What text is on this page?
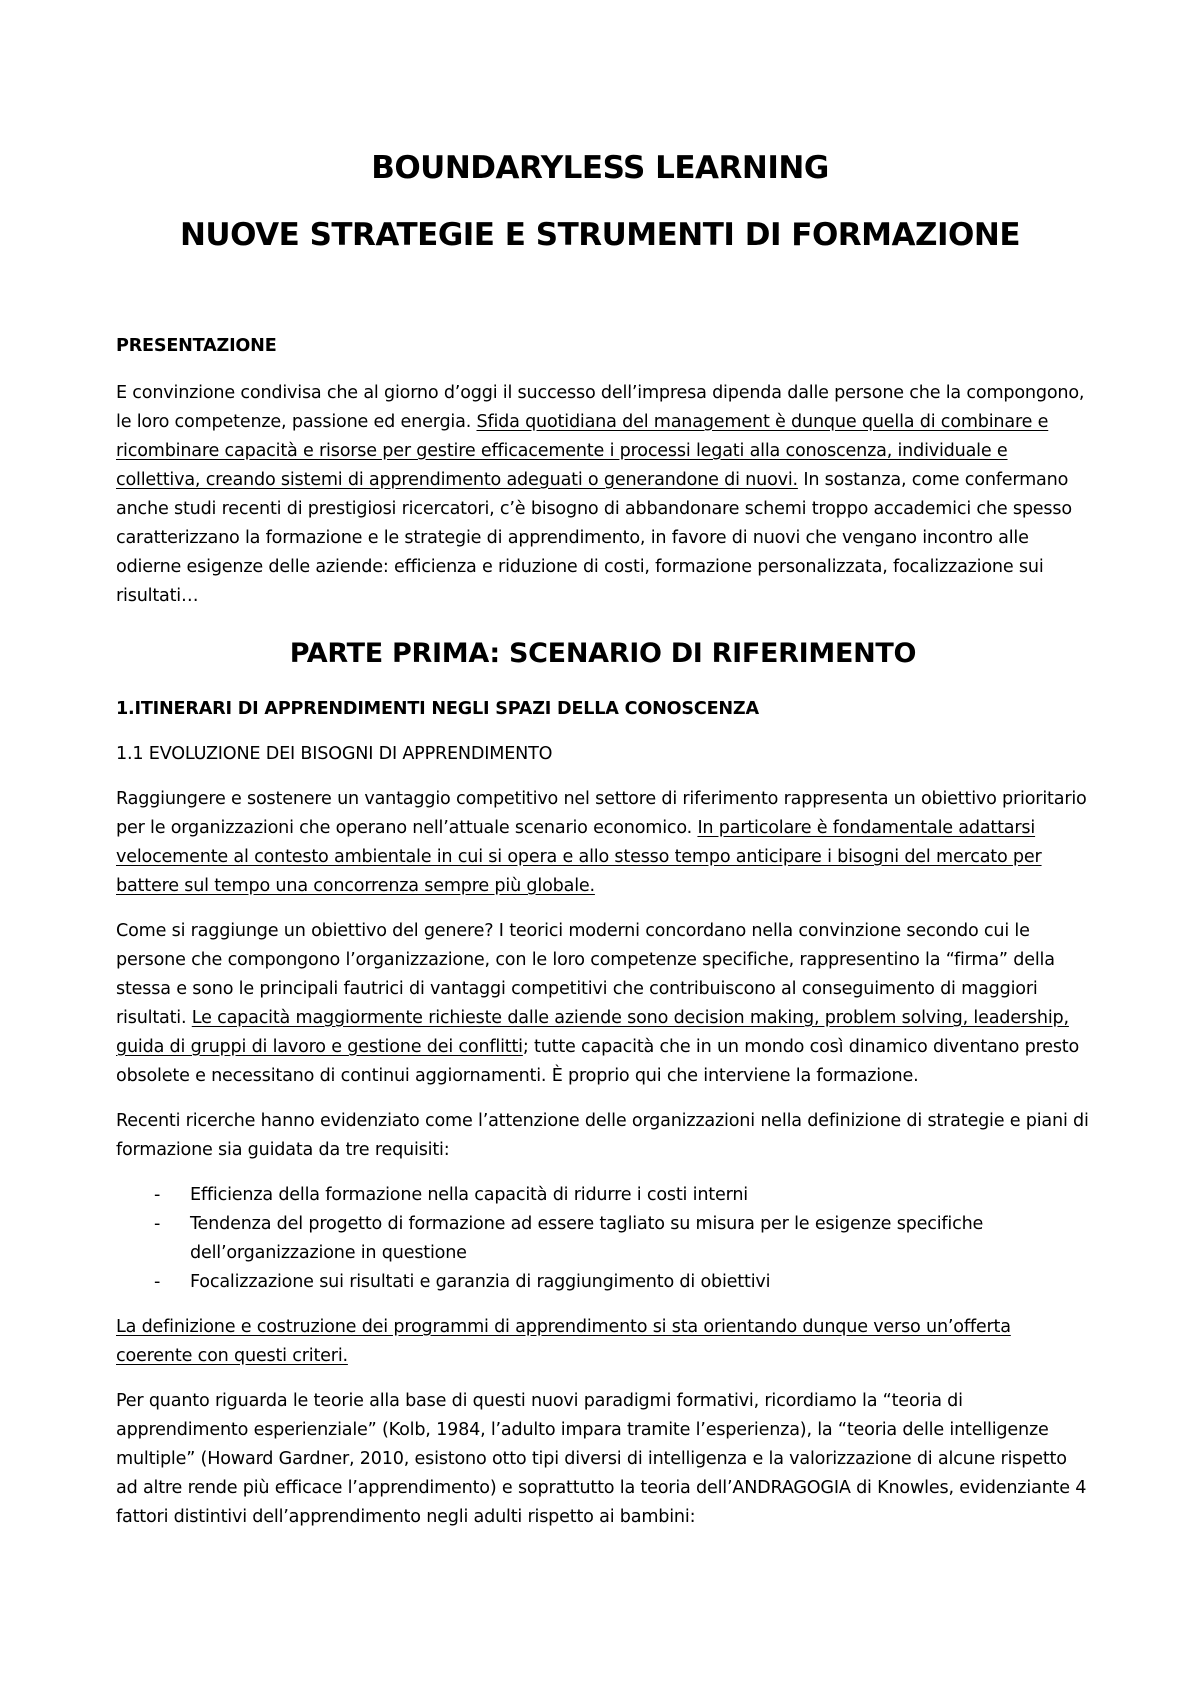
BOUNDARYLESS LEARNING
NUOVE STRATEGIE E STRUMENTI DI FORMAZIONE

PRESENTAZIONE

E convinzione condivisa che al giorno d’oggi il successo dell’impresa dipenda dalle persone che la compongono, le loro competenze, passione ed energia. Sfida quotidiana del management è dunque quella di combinare e ricombinare capacità e risorse per gestire efficacemente i processi legati alla conoscenza, individuale e collettiva, creando sistemi di apprendimento adeguati o generandone di nuovi. In sostanza, come confermano anche studi recenti di prestigiosi ricercatori, c’è bisogno di abbandonare schemi troppo accademici che spesso caratterizzano la formazione e le strategie di apprendimento, in favore di nuovi che vengano incontro alle odierne esigenze delle aziende: efficienza e riduzione di costi, formazione personalizzata, focalizzazione sui risultati…

PARTE PRIMA: SCENARIO DI RIFERIMENTO

1.ITINERARI DI APPRENDIMENTI NEGLI SPAZI DELLA CONOSCENZA

1.1 EVOLUZIONE DEI BISOGNI DI APPRENDIMENTO

Raggiungere e sostenere un vantaggio competitivo nel settore di riferimento rappresenta un obiettivo prioritario per le organizzazioni che operano nell’attuale scenario economico. In particolare è fondamentale adattarsi velocemente al contesto ambientale in cui si opera e allo stesso tempo anticipare i bisogni del mercato per battere sul tempo una concorrenza sempre più globale.

Come si raggiunge un obiettivo del genere? I teorici moderni concordano nella convinzione secondo cui le persone che compongono l’organizzazione, con le loro competenze specifiche, rappresentino la “firma” della stessa e sono le principali fautrici di vantaggi competitivi che contribuiscono al conseguimento di maggiori risultati. Le capacità maggiormente richieste dalle aziende sono decision making, problem solving, leadership, guida di gruppi di lavoro e gestione dei conflitti; tutte capacità che in un mondo così dinamico diventano presto obsolete e necessitano di continui aggiornamenti. È proprio qui che interviene la formazione.

Recenti ricerche hanno evidenziato come l’attenzione delle organizzazioni nella definizione di strategie e piani di formazione sia guidata da tre requisiti:

- Efficienza della formazione nella capacità di ridurre i costi interni
- Tendenza del progetto di formazione ad essere tagliato su misura per le esigenze specifiche dell’organizzazione in questione
- Focalizzazione sui risultati e garanzia di raggiungimento di obiettivi

La definizione e costruzione dei programmi di apprendimento si sta orientando dunque verso un’offerta coerente con questi criteri.

Per quanto riguarda le teorie alla base di questi nuovi paradigmi formativi, ricordiamo la “teoria di apprendimento esperienziale” (Kolb, 1984, l’adulto impara tramite l’esperienza), la “teoria delle intelligenze multiple” (Howard Gardner, 2010, esistono otto tipi diversi di intelligenza e la valorizzazione di alcune rispetto ad altre rende più efficace l’apprendimento) e soprattutto la teoria dell’ANDRAGOGIA di Knowles, evidenziante 4 fattori distintivi dell’apprendimento negli adulti rispetto ai bambini:
